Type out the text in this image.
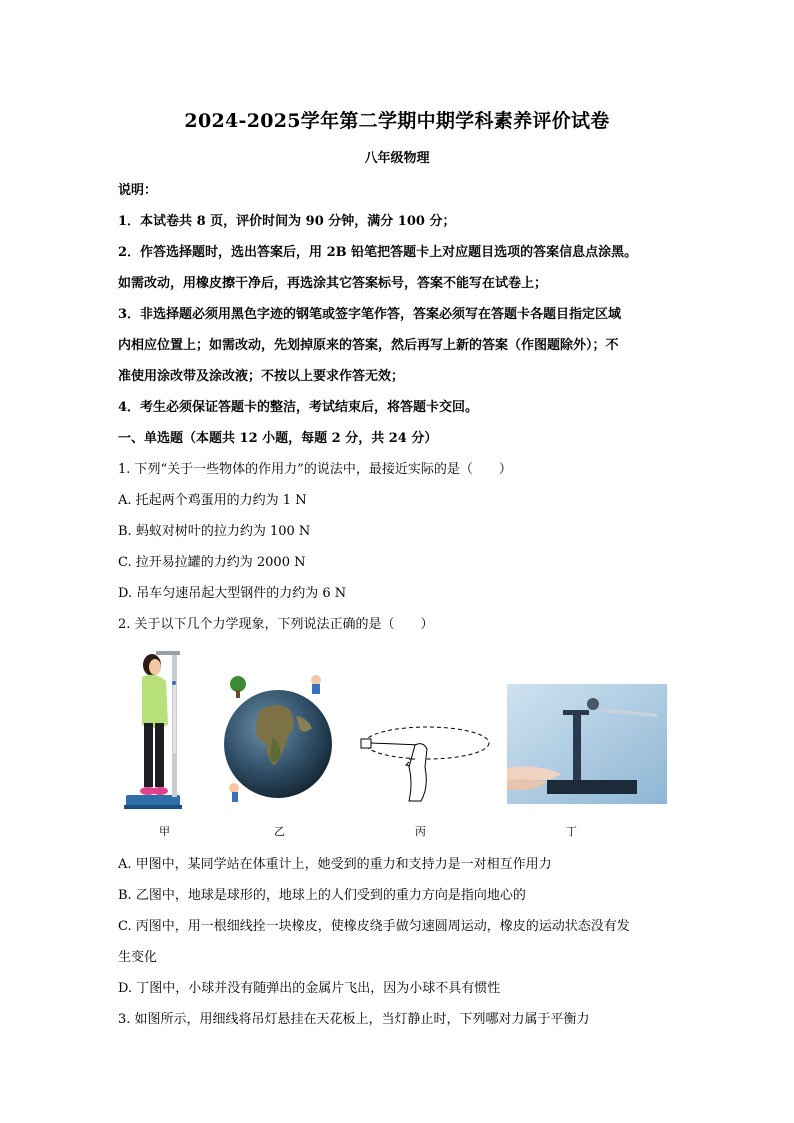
2024-2025学年第二学期中期学科素养评价试卷
八年级物理
说明：
1．本试卷共 8 页，评价时间为 90 分钟，满分 100 分；
2．作答选择题时，选出答案后，用 2B 铅笔把答题卡上对应题目选项的答案信息点涂黑。
如需改动，用橡皮擦干净后，再选涂其它答案标号，答案不能写在试卷上；
3．非选择题必须用黑色字迹的钢笔或签字笔作答，答案必须写在答题卡各题目指定区域
内相应位置上；如需改动，先划掉原来的答案，然后再写上新的答案（作图题除外）；不
准使用涂改带及涂改液；不按以上要求作答无效；
4．考生必须保证答题卡的整洁，考试结束后，将答题卡交回。
一、单选题（本题共 12 小题，每题 2 分，共 24 分）
1. 下列“关于一些物体的作用力”的说法中，最接近实际的是（　　）
A. 托起两个鸡蛋用的力约为 1 N
B. 蚂蚁对树叶的拉力约为 100 N
C. 拉开易拉罐的力约为 2000 N
D. 吊车匀速吊起大型钢件的力约为 6 N
2. 关于以下几个力学现象，下列说法正确的是（　　）
甲	乙	丙	丁
A. 甲图中，某同学站在体重计上，她受到的重力和支持力是一对相互作用力
B. 乙图中，地球是球形的，地球上的人们受到的重力方向是指向地心的
C. 丙图中，用一根细线拴一块橡皮，使橡皮绕手做匀速圆周运动，橡皮的运动状态没有发
生变化
D. 丁图中，小球并没有随弹出的金属片飞出，因为小球不具有惯性
3. 如图所示，用细线将吊灯悬挂在天花板上，当灯静止时，下列哪对力属于平衡力
